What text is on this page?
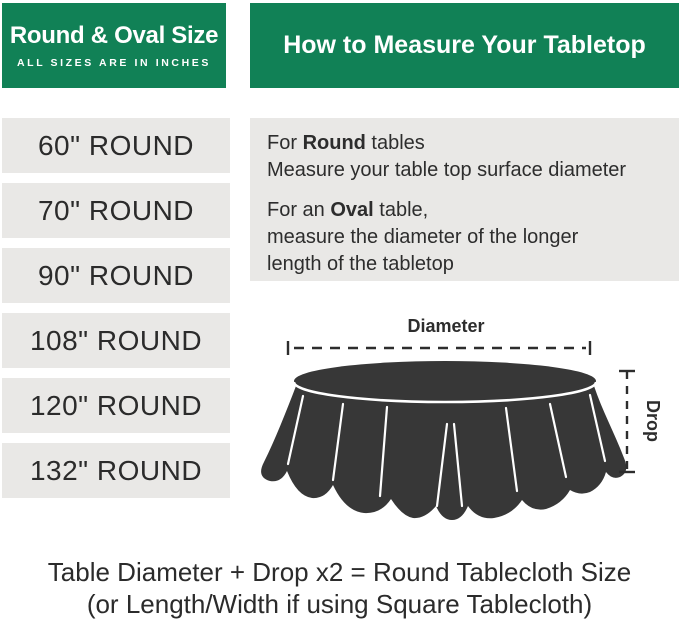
Round & Oval Size
ALL SIZES ARE IN INCHES
How to Measure Your Tabletop
60" ROUND
70" ROUND
90" ROUND
108" ROUND
120" ROUND
132" ROUND
For Round tables
Measure your table top surface diameter
For an Oval table,
measure the diameter of the longer
length of the tabletop
Diameter
Drop
Table Diameter + Drop x2 = Round Tablecloth Size
(or Length/Width if using Square Tablecloth)
